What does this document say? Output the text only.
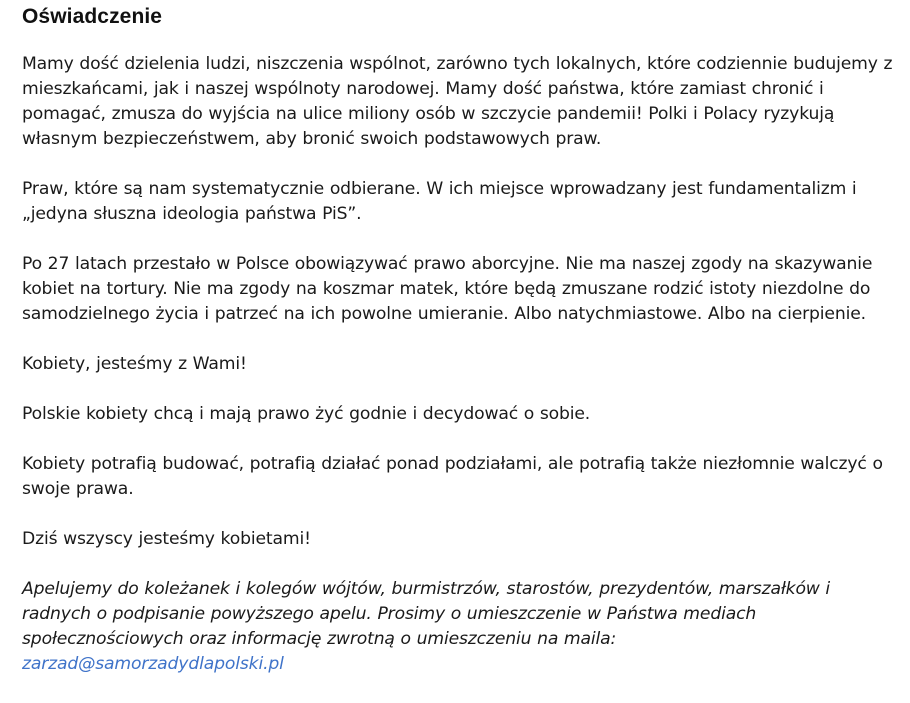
Oświadczenie

Mamy dość dzielenia ludzi, niszczenia wspólnot, zarówno tych lokalnych, które codziennie budujemy z mieszkańcami, jak i naszej wspólnoty narodowej. Mamy dość państwa, które zamiast chronić i pomagać, zmusza do wyjścia na ulice miliony osób w szczycie pandemii! Polki i Polacy ryzykują własnym bezpieczeństwem, aby bronić swoich podstawowych praw.

Praw, które są nam systematycznie odbierane. W ich miejsce wprowadzany jest fundamentalizm i „jedyna słuszna ideologia państwa PiS”.

Po 27 latach przestało w Polsce obowiązywać prawo aborcyjne. Nie ma naszej zgody na skazywanie kobiet na tortury. Nie ma zgody na koszmar matek, które będą zmuszane rodzić istoty niezdolne do samodzielnego życia i patrzeć na ich powolne umieranie. Albo natychmiastowe. Albo na cierpienie.

Kobiety, jesteśmy z Wami!

Polskie kobiety chcą i mają prawo żyć godnie i decydować o sobie.

Kobiety potrafią budować, potrafią działać ponad podziałami, ale potrafią także niezłomnie walczyć o swoje prawa.

Dziś wszyscy jesteśmy kobietami!

Apelujemy do koleżanek i kolegów wójtów, burmistrzów, starostów, prezydentów, marszałków i radnych o podpisanie powyższego apelu. Prosimy o umieszczenie w Państwa mediach społecznościowych oraz informację zwrotną o umieszczeniu na maila:
zarzad@samorzadydlapolski.pl
